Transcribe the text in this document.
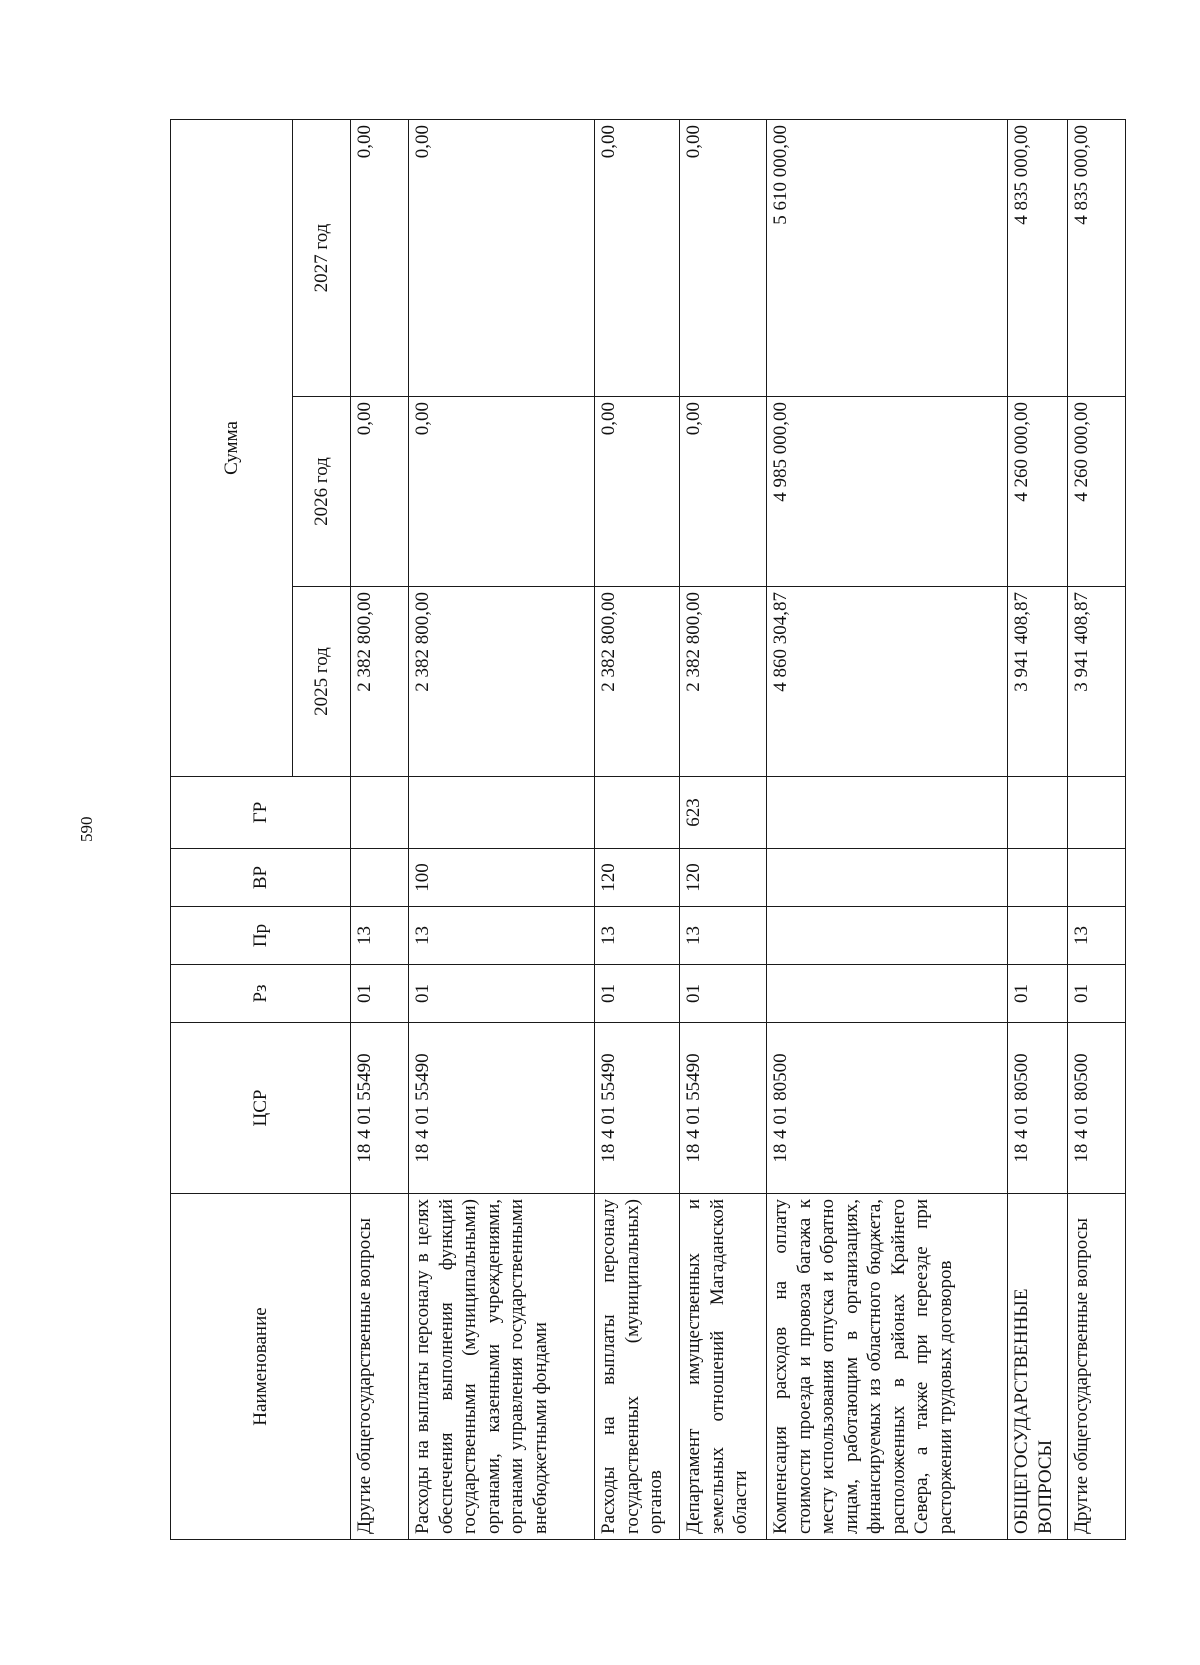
590
Наименование	ЦСР	Рз	Пр	ВР	ГР	Сумма		
						2025 год	2026 год	2027 год
Другие общегосударственные вопросы	18 4 01 55490	01	13			2 382 800,00	0,00	0,00
Расходы на выплаты персоналу в целях обеспечения выполнения функций государственными (муниципальными) органами, казенными учреждениями, органами управления государственными внебюджетными фондами	18 4 01 55490	01	13	100		2 382 800,00	0,00	0,00
Расходы на выплаты персоналу государственных (муниципальных) органов	18 4 01 55490	01	13	120		2 382 800,00	0,00	0,00
Департамент имущественных и земельных отношений Магаданской области	18 4 01 55490	01	13	120	623	2 382 800,00	0,00	0,00
Компенсация расходов на оплату стоимости проезда и провоза багажа к месту использования отпуска и обратно лицам, работающим в организациях, финансируемых из областного бюджета, расположенных в районах Крайнего Севера, а также при переезде при расторжении трудовых договоров	18 4 01 80500					4 860 304,87	4 985 000,00	5 610 000,00
ОБЩЕГОСУДАРСТВЕННЫЕ ВОПРОСЫ	18 4 01 80500	01				3 941 408,87	4 260 000,00	4 835 000,00
Другие общегосударственные вопросы	18 4 01 80500	01	13			3 941 408,87	4 260 000,00	4 835 000,00
